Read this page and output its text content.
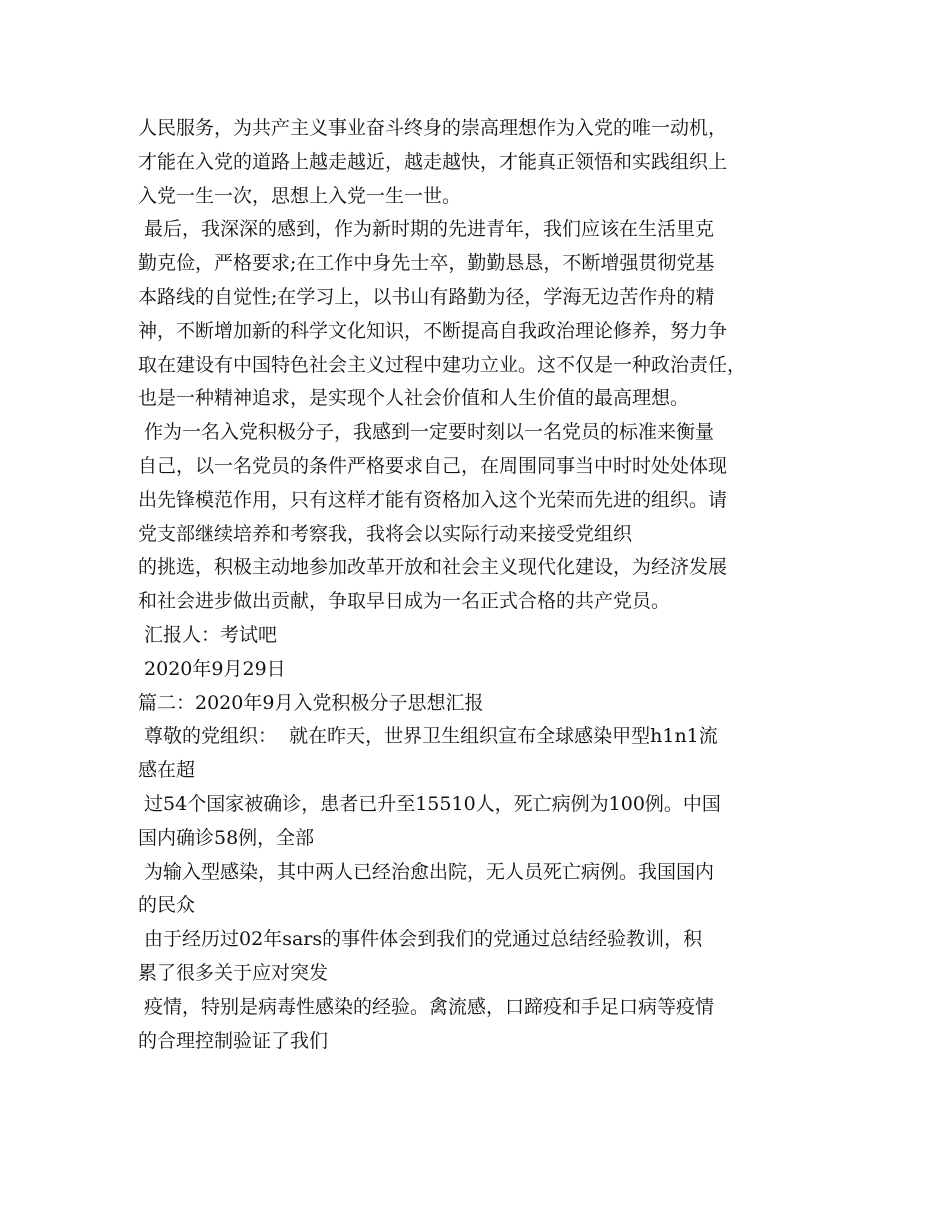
人民服务，为共产主义事业奋斗终身的崇高理想作为入党的唯一动机，
才能在入党的道路上越走越近，越走越快，才能真正领悟和实践组织上
入党一生一次，思想上入党一生一世。
最后，我深深的感到，作为新时期的先进青年，我们应该在生活里克
勤克俭，严格要求;在工作中身先士卒，勤勤恳恳，不断增强贯彻党基
本路线的自觉性;在学习上，以书山有路勤为径，学海无边苦作舟的精
神，不断增加新的科学文化知识，不断提高自我政治理论修养，努力争
取在建设有中国特色社会主义过程中建功立业。这不仅是一种政治责任，
也是一种精神追求，是实现个人社会价值和人生价值的最高理想。
作为一名入党积极分子，我感到一定要时刻以一名党员的标准来衡量
自己，以一名党员的条件严格要求自己，在周围同事当中时时处处体现
出先锋模范作用，只有这样才能有资格加入这个光荣而先进的组织。请
党支部继续培养和考察我，我将会以实际行动来接受党组织
的挑选，积极主动地参加改革开放和社会主义现代化建设，为经济发展
和社会进步做出贡献，争取早日成为一名正式合格的共产党员。
汇报人：考试吧
2020年9月29日
篇二：2020年9月入党积极分子思想汇报
尊敬的党组织：  就在昨天，世界卫生组织宣布全球感染甲型h1n1流
感在超
过54个国家被确诊，患者已升至15510人，死亡病例为100例。中国
国内确诊58例，全部
为输入型感染，其中两人已经治愈出院，无人员死亡病例。我国国内
的民众
由于经历过02年sars的事件体会到我们的党通过总结经验教训，积
累了很多关于应对突发
疫情，特别是病毒性感染的经验。禽流感，口蹄疫和手足口病等疫情
的合理控制验证了我们
